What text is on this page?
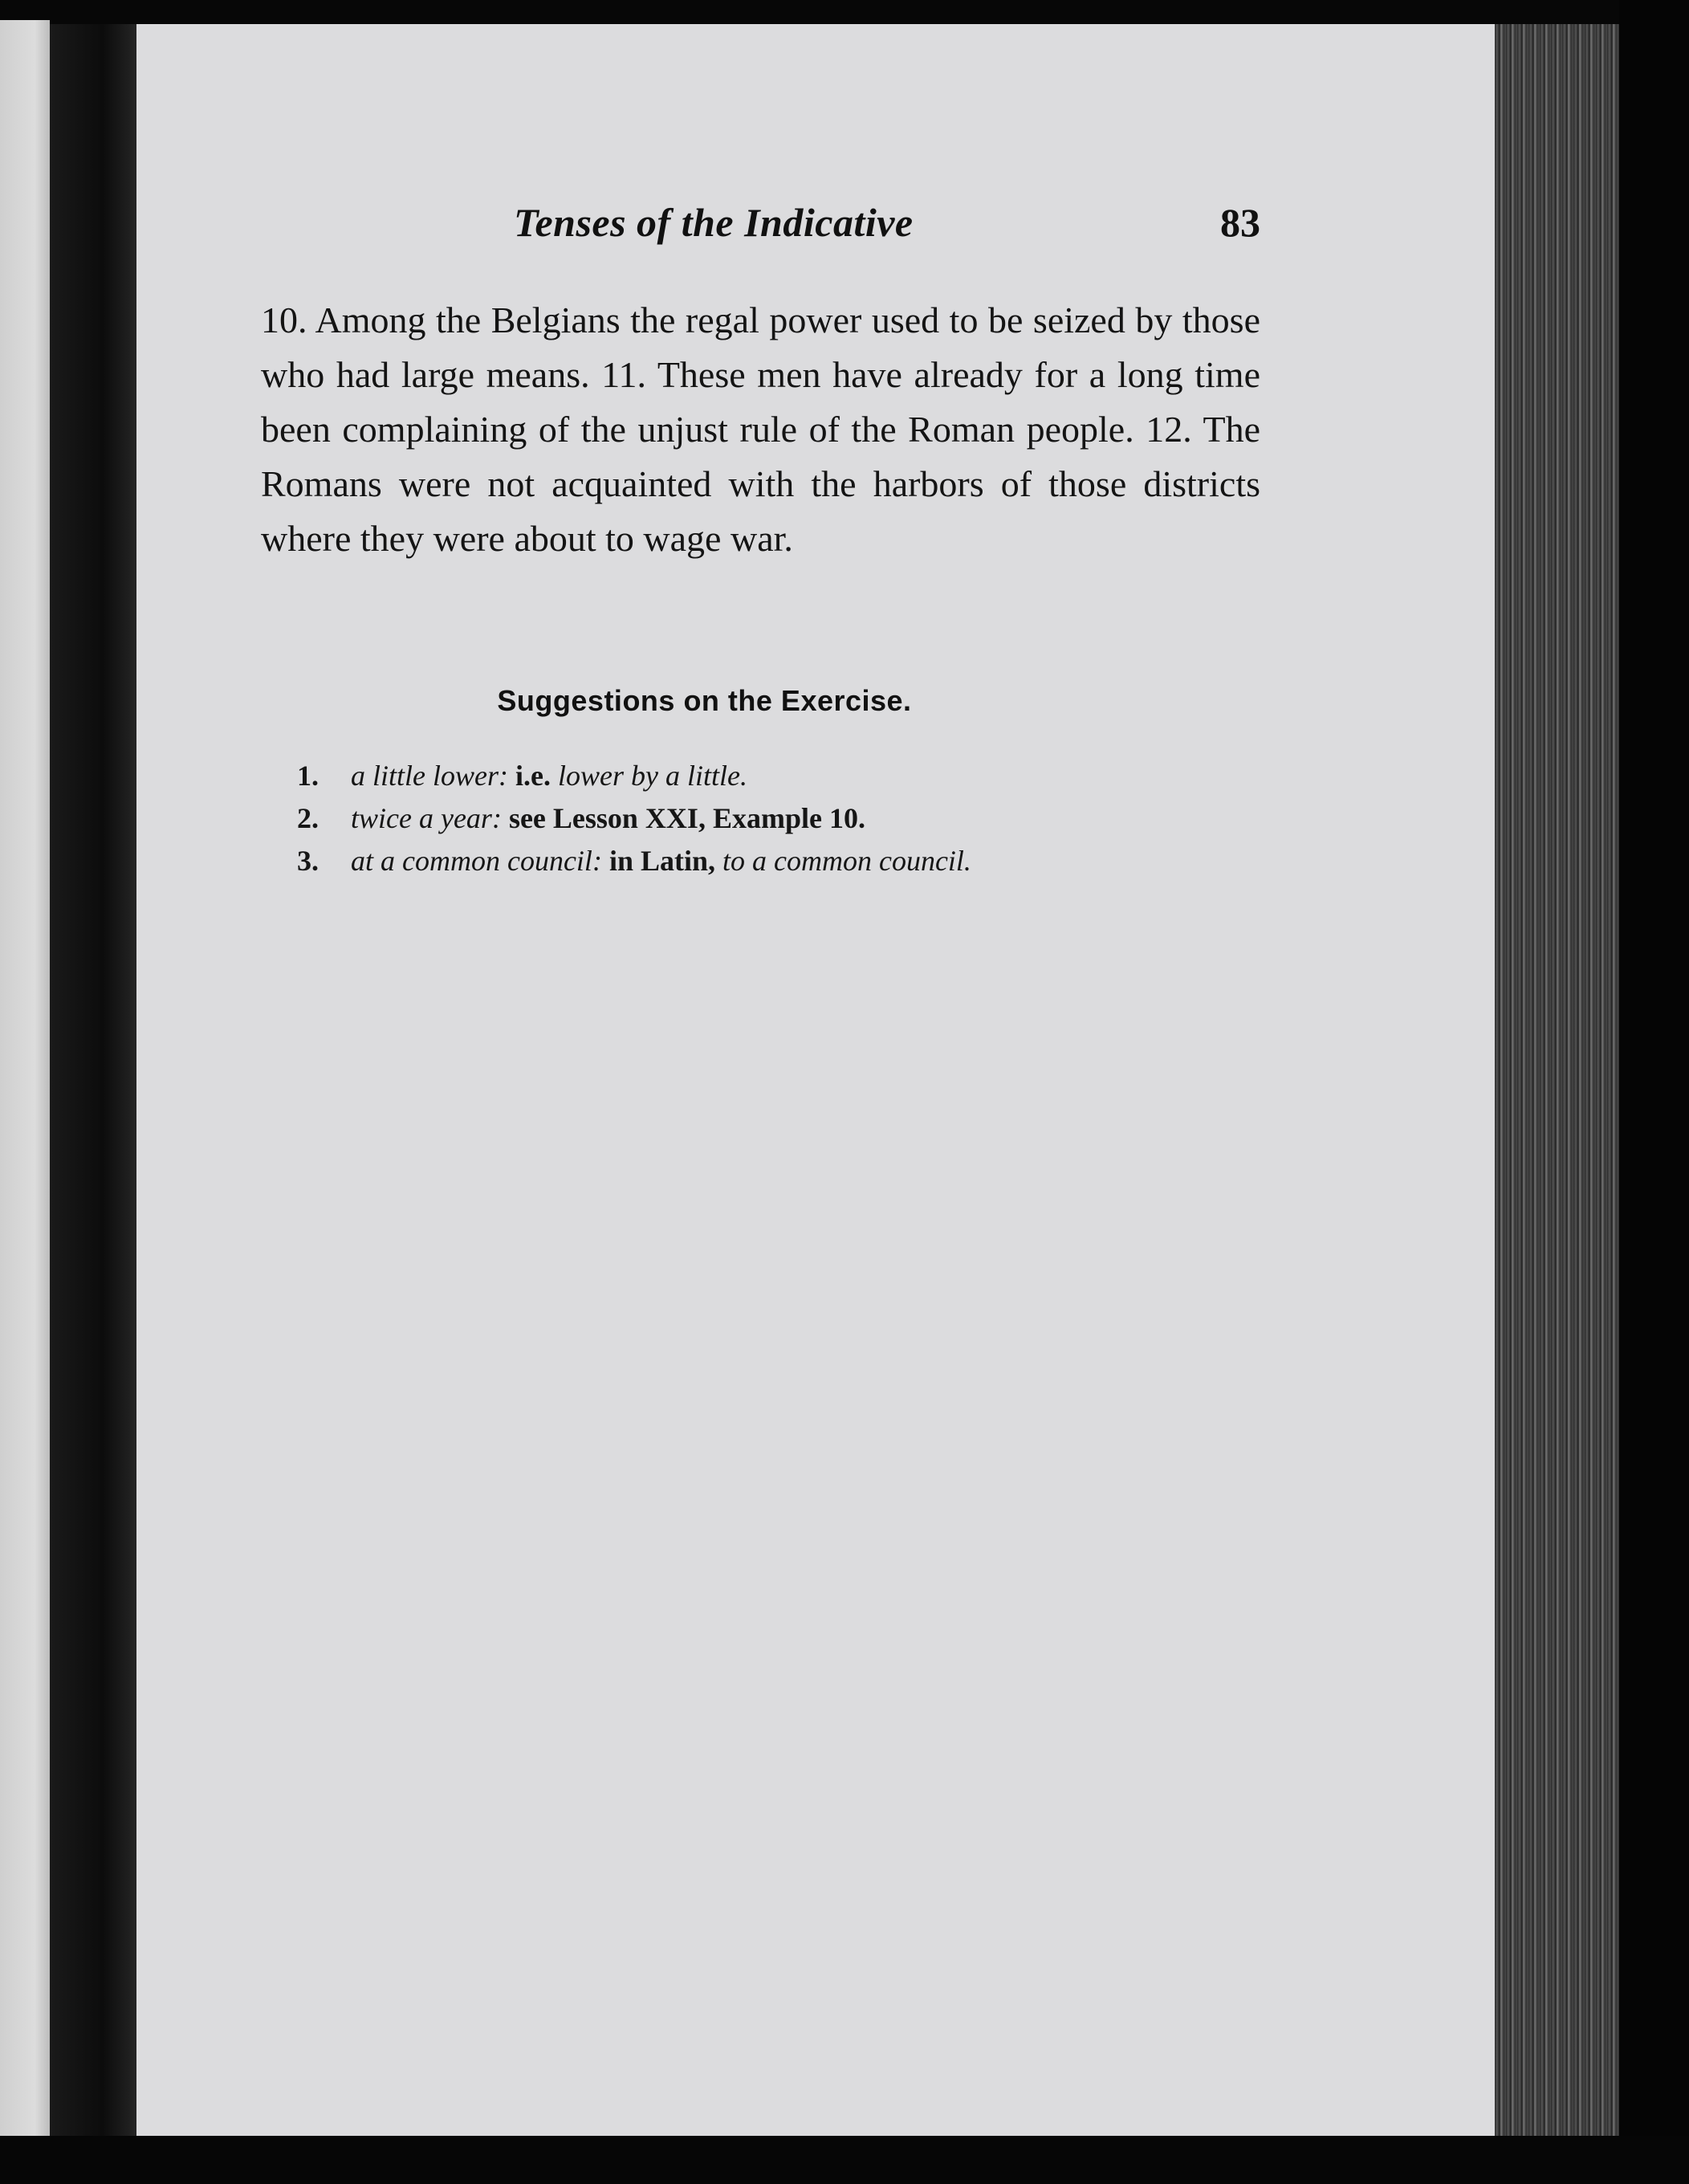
Tenses of the Indicative	83

10. Among the Belgians the regal power used to be seized by those who had large means. 11. These men have already for a long time been complaining of the unjust rule of the Roman people. 12. The Romans were not acquainted with the harbors of those districts where they were about to wage war.

Suggestions on the Exercise.
1. a little lower: i.e. lower by a little.
2. twice a year: see Lesson XXI, Example 10.
3. at a common council: in Latin, to a common council.
